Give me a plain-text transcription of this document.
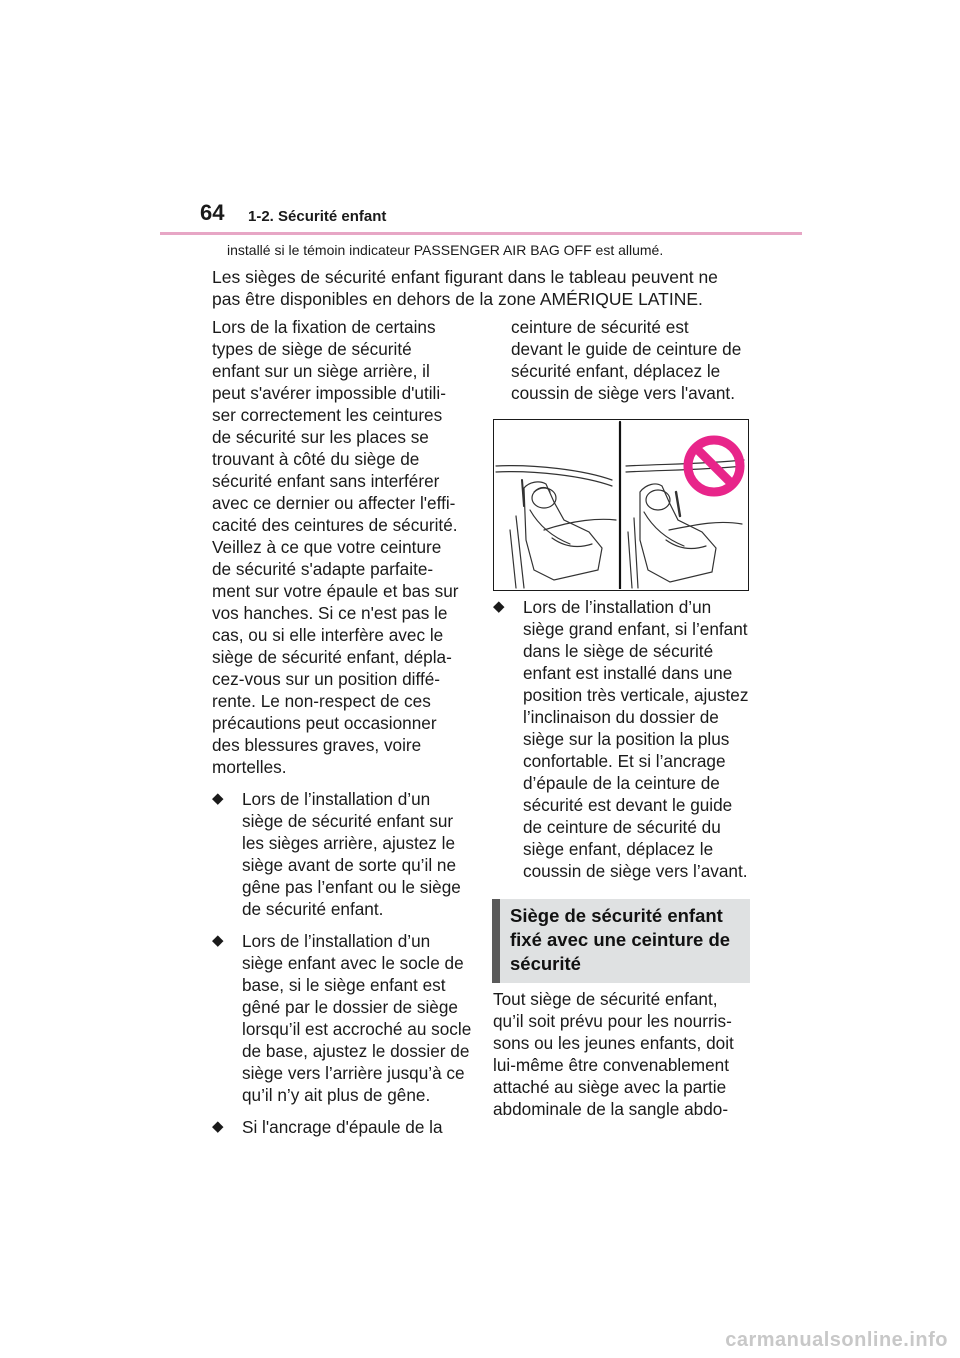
64 1-2. Sécurité enfant
installé si le témoin indicateur PASSENGER AIR BAG OFF est allumé.
Les sièges de sécurité enfant figurant dans le tableau peuvent ne
pas être disponibles en dehors de la zone AMÉRIQUE LATINE.
Lors de la fixation de certains
types de siège de sécurité
enfant sur un siège arrière, il
peut s'avérer impossible d'utili-
ser correctement les ceintures
de sécurité sur les places se
trouvant à côté du siège de
sécurité enfant sans interférer
avec ce dernier ou affecter l'effi-
cacité des ceintures de sécurité.
Veillez à ce que votre ceinture
de sécurité s'adapte parfaite-
ment sur votre épaule et bas sur
vos hanches. Si ce n'est pas le
cas, ou si elle interfère avec le
siège de sécurité enfant, dépla-
cez-vous sur un position diffé-
rente. Le non-respect de ces
précautions peut occasionner
des blessures graves, voire
mortelles.
◆ Lors de l’installation d’un
siège de sécurité enfant sur
les sièges arrière, ajustez le
siège avant de sorte qu’il ne
gêne pas l’enfant ou le siège
de sécurité enfant.
◆ Lors de l’installation d’un
siège enfant avec le socle de
base, si le siège enfant est
gêné par le dossier de siège
lorsqu’il est accroché au socle
de base, ajustez le dossier de
siège vers l’arrière jusqu’à ce
qu’il n’y ait plus de gêne.
◆ Si l'ancrage d'épaule de la
ceinture de sécurité est
devant le guide de ceinture de
sécurité enfant, déplacez le
coussin de siège vers l'avant.
◆ Lors de l’installation d’un
siège grand enfant, si l’enfant
dans le siège de sécurité
enfant est installé dans une
position très verticale, ajustez
l’inclinaison du dossier de
siège sur la position la plus
confortable. Et si l’ancrage
d’épaule de la ceinture de
sécurité est devant le guide
de ceinture de sécurité du
siège enfant, déplacez le
coussin de siège vers l’avant.
Siège de sécurité enfant
fixé avec une ceinture de
sécurité
Tout siège de sécurité enfant,
qu’il soit prévu pour les nourris-
sons ou les jeunes enfants, doit
lui-même être convenablement
attaché au siège avec la partie
abdominale de la sangle abdo-
carmanualsonline.info
